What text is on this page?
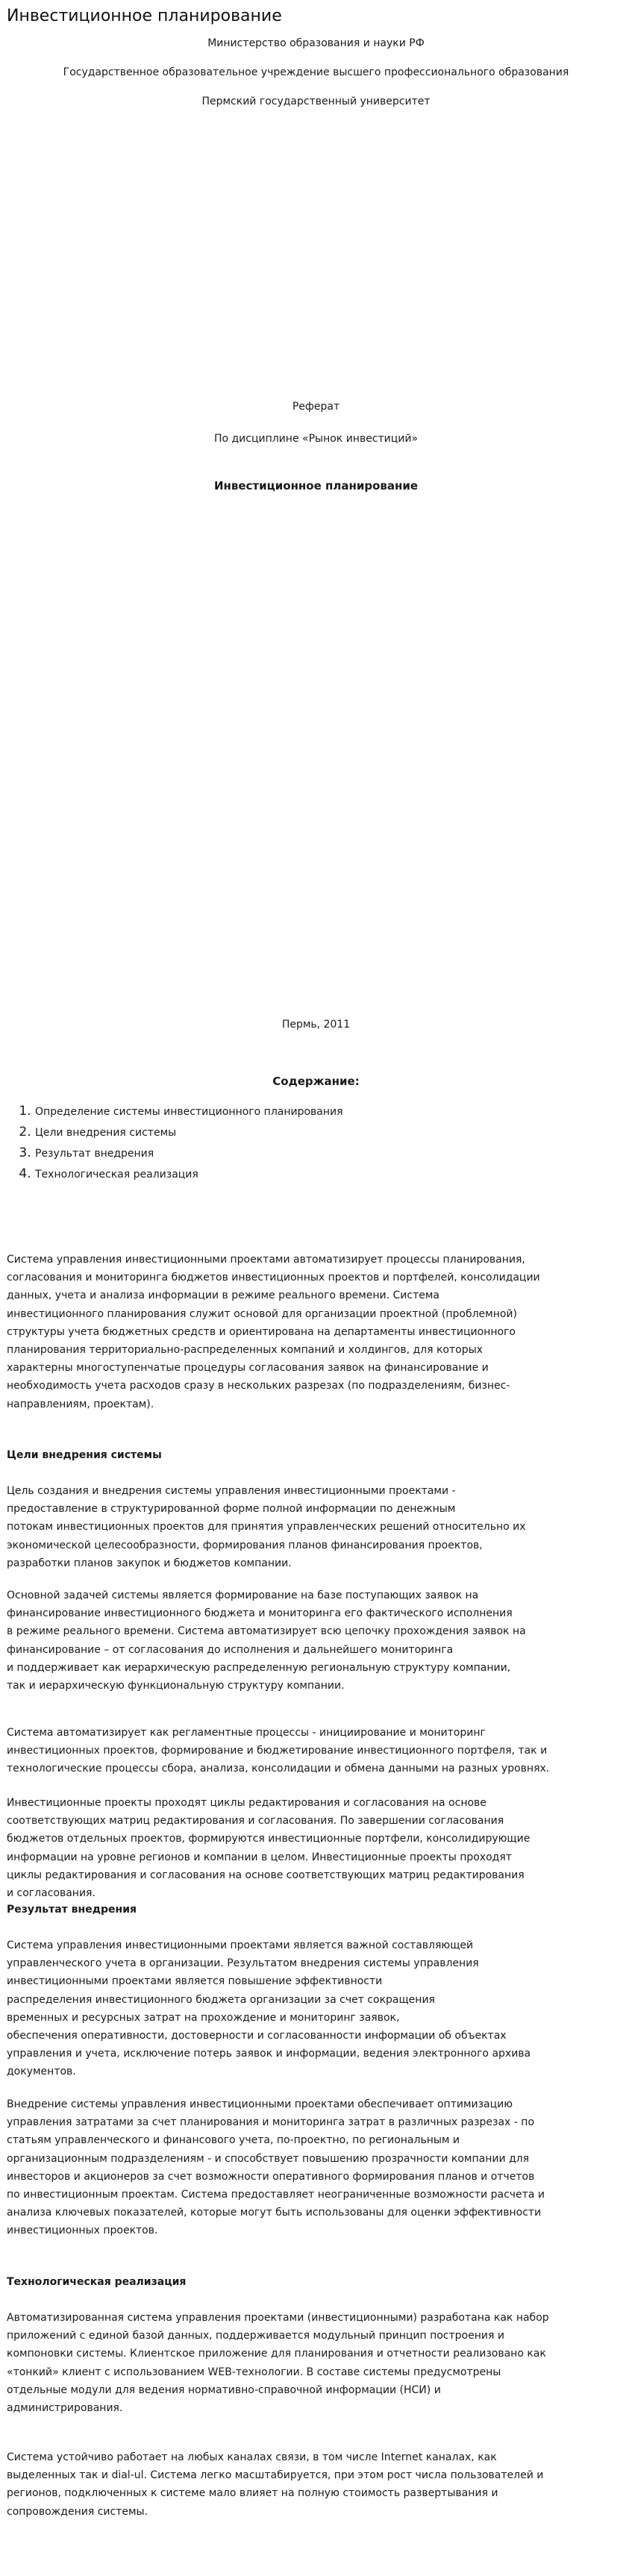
Инвестиционное планирование

Министерство образования и науки РФ

Государственное образовательное учреждение высшего профессионального образования

Пермский государственный университет

Реферат

По дисциплине «Рынок инвестиций»

Инвестиционное планирование

Пермь, 2011

Содержание:

1. Определение системы инвестиционного планирования
2. Цели внедрения системы
3. Результат внедрения
4. Технологическая реализация

Система управления инвестиционными проектами автоматизирует процессы планирования,
согласования и мониторинга бюджетов инвестиционных проектов и портфелей, консолидации
данных, учета и анализа информации в режиме реального времени. Система
инвестиционного планирования служит основой для организации проектной (проблемной)
структуры учета бюджетных средств и ориентирована на департаменты инвестиционного
планирования территориально-распределенных компаний и холдингов, для которых
характерны многоступенчатые процедуры согласования заявок на финансирование и
необходимость учета расходов сразу в нескольких разрезах (по подразделениям, бизнес-
направлениям, проектам).

Цели внедрения системы

Цель создания и внедрения системы управления инвестиционными проектами -
предоставление в структурированной форме полной информации по денежным
потокам инвестиционных проектов для принятия управленческих решений относительно их
экономической целесообразности, формирования планов финансирования проектов,
разработки планов закупок и бюджетов компании.

Основной задачей системы является формирование на базе поступающих заявок на
финансирование инвестиционного бюджета и мониторинга его фактического исполнения
в режиме реального времени. Система автоматизирует всю цепочку прохождения заявок на
финансирование – от согласования до исполнения и дальнейшего мониторинга
и поддерживает как иерархическую распределенную региональную структуру компании,
так и иерархическую функциональную структуру компании.

Система автоматизирует как регламентные процессы - инициирование и мониторинг
инвестиционных проектов, формирование и бюджетирование инвестиционного портфеля, так и
технологические процессы сбора, анализа, консолидации и обмена данными на разных уровнях.

Инвестиционные проекты проходят циклы редактирования и согласования на основе
соответствующих матриц редактирования и согласования. По завершении согласования
бюджетов отдельных проектов, формируются инвестиционные портфели, консолидирующие
информации на уровне регионов и компании в целом. Инвестиционные проекты проходят
циклы редактирования и согласования на основе соответствующих матриц редактирования
и согласования.

Результат внедрения

Система управления инвестиционными проектами является важной составляющей
управленческого учета в организации. Результатом внедрения системы управления
инвестиционными проектами является повышение эффективности
распределения инвестиционного бюджета организации за счет сокращения
временных и ресурсных затрат на прохождение и мониторинг заявок,
обеспечения оперативности, достоверности и согласованности информации об объектах
управления и учета, исключение потерь заявок и информации, ведения электронного архива
документов.

Внедрение системы управления инвестиционными проектами обеспечивает оптимизацию
управления затратами за счет планирования и мониторинга затрат в различных разрезах - по
статьям управленческого и финансового учета, по-проектно, по региональным и
организационным подразделениям - и способствует повышению прозрачности компании для
инвесторов и акционеров за счет возможности оперативного формирования планов и отчетов
по инвестиционным проектам. Система предоставляет неограниченные возможности расчета и
анализа ключевых показателей, которые могут быть использованы для оценки эффективности
инвестиционных проектов.

Технологическая реализация

Автоматизированная система управления проектами (инвестиционными) разработана как набор
приложений с единой базой данных, поддерживается модульный принцип построения и
компоновки системы. Клиентское приложение для планирования и отчетности реализовано как
«тонкий» клиент с использованием WEB-технологии. В составе системы предусмотрены
отдельные модули для ведения нормативно-справочной информации (НСИ) и
администрирования.

Система устойчиво работает на любых каналах связи, в том числе Internet каналах, как
выделенных так и dial-ul. Система легко масштабируется, при этом рост числа пользователей и
регионов, подключенных к системе мало влияет на полную стоимость развертывания и
сопровождения системы.
